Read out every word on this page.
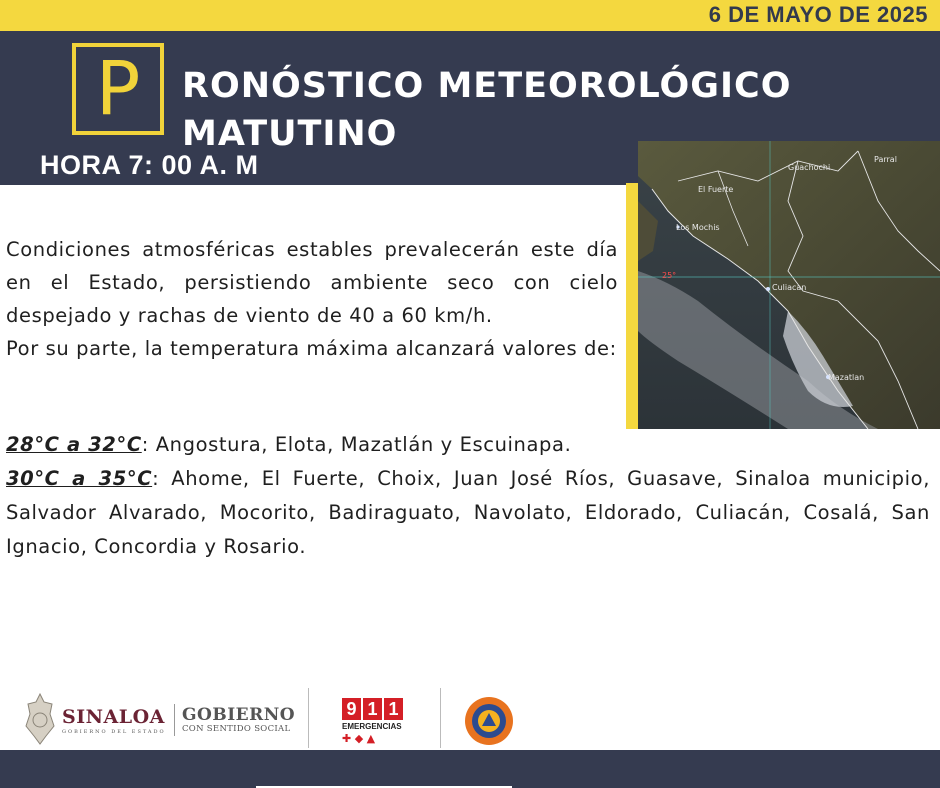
6 DE MAYO DE 2025
P	RONÓSTICO METEOROLÓGICO
MATUTINO
HORA 7: 00 A. M	Guachochi
Parral
El Fuerte
Los Mochis
Culiacan
Mazatlan
25°

Condiciones atmosféricas estables prevalecerán este día en el Estado, persistiendo ambiente seco con cielo despejado y rachas de viento de 40 a 60 km/h.

Por su parte, la temperatura máxima alcanzará valores de:

28°C a 32°C: Angostura, Elota, Mazatlán y Escuinapa.

30°C a 35°C: Ahome, El Fuerte, Choix, Juan José Ríos, Guasave, Sinaloa municipio, Salvador Alvarado, Mocorito, Badiraguato, Navolato, Eldorado, Culiacán, Cosalá, San Ignacio, Concordia y Rosario.

SINALOA
GOBIERNO DEL ESTADO
GOBIERNO
CON SENTIDO SOCIAL
9 1 1
EMERGENCIAS
✚ ◆ ▲
